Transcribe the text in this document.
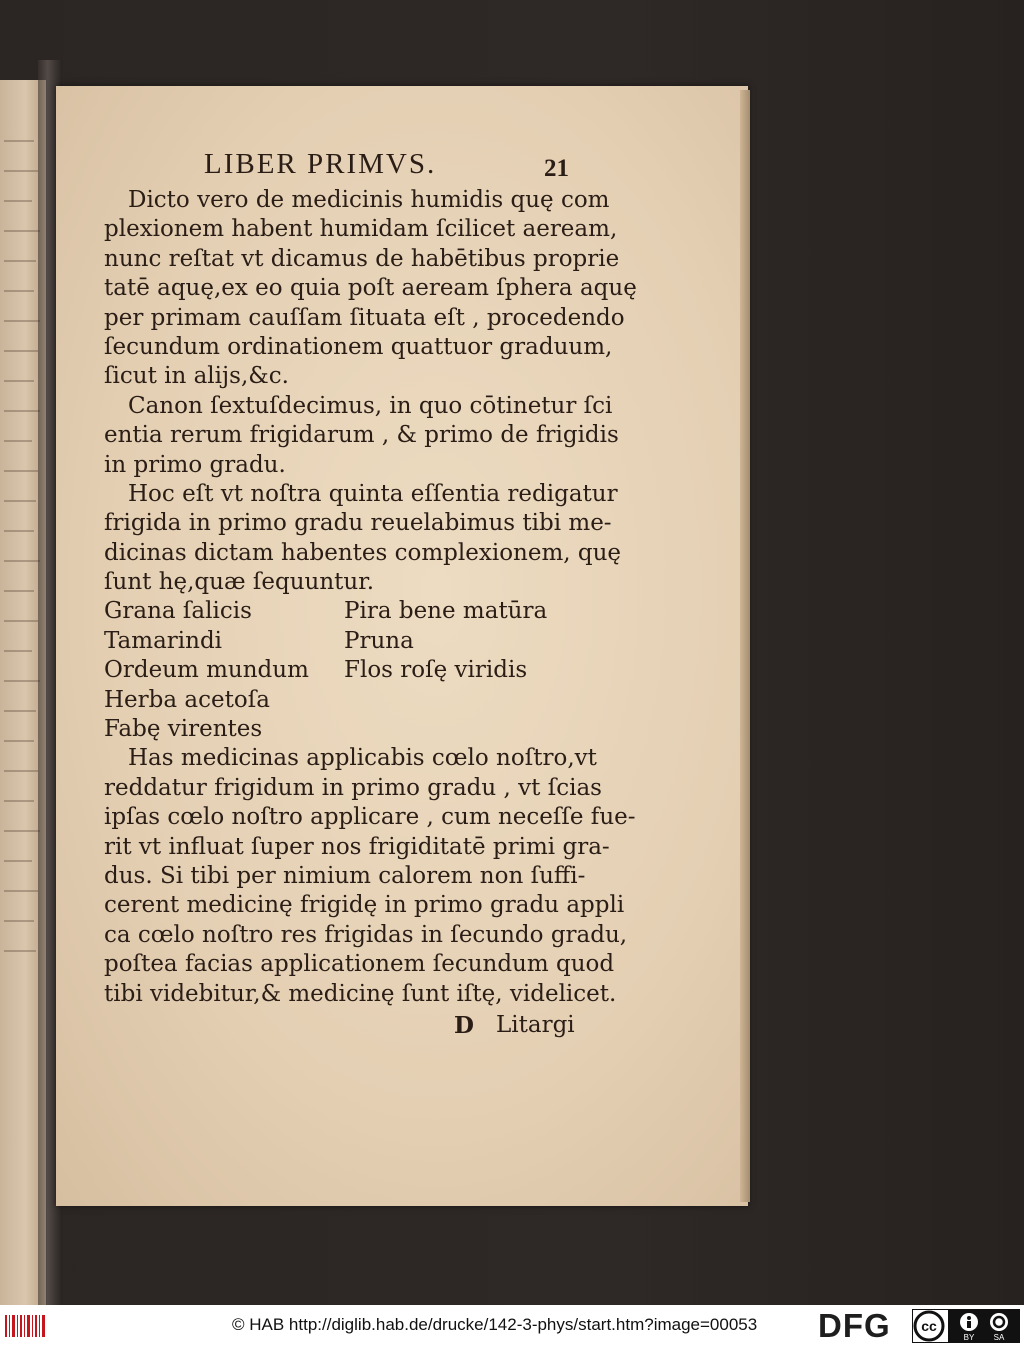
LIBER PRIMVS.	21
Dicto vero de medicinis humidis quę com
plexionem habent humidam ſcilicet aeream,
nunc reſtat vt dicamus de habētibus proprie
tatē aquę,ex eo quia poſt aeream ſphera aquę
per primam cauſſam ſituata eſt , procedendo
ſecundum ordinationem quattuor graduum,
ſicut in alijs,&c.
Canon ſextuſdecimus, in quo cōtinetur ſci
entia rerum frigidarum , & primo de frigidis
in primo gradu.
Hoc eſt vt noſtra quinta eſſentia redigatur
frigida in primo gradu reuelabimus tibi me-
dicinas dictam habentes complexionem, quę
ſunt hę,quæ ſequuntur.
Grana ſalicis	Pira bene matūra
Tamarindi	Pruna
Ordeum mundum	Flos roſę viridis
Herba acetoſa
Fabę virentes
Has medicinas applicabis cœlo noſtro,vt
reddatur frigidum in primo gradu , vt ſcias
ipſas cœlo noſtro applicare , cum neceſſe fue-
rit vt influat ſuper nos frigiditatē primi gra-
dus. Si tibi per nimium calorem non ſuffi-
cerent medicinę frigidę in primo gradu appli
ca cœlo noſtro res frigidas in ſecundo gradu,
poſtea facias applicationem ſecundum quod
tibi videbitur,& medicinę ſunt iſtę, videlicet.
D Litargi
© HAB http://diglib.hab.de/drucke/142-3-phys/start.htm?image=00053 DFG cc
BY SA
